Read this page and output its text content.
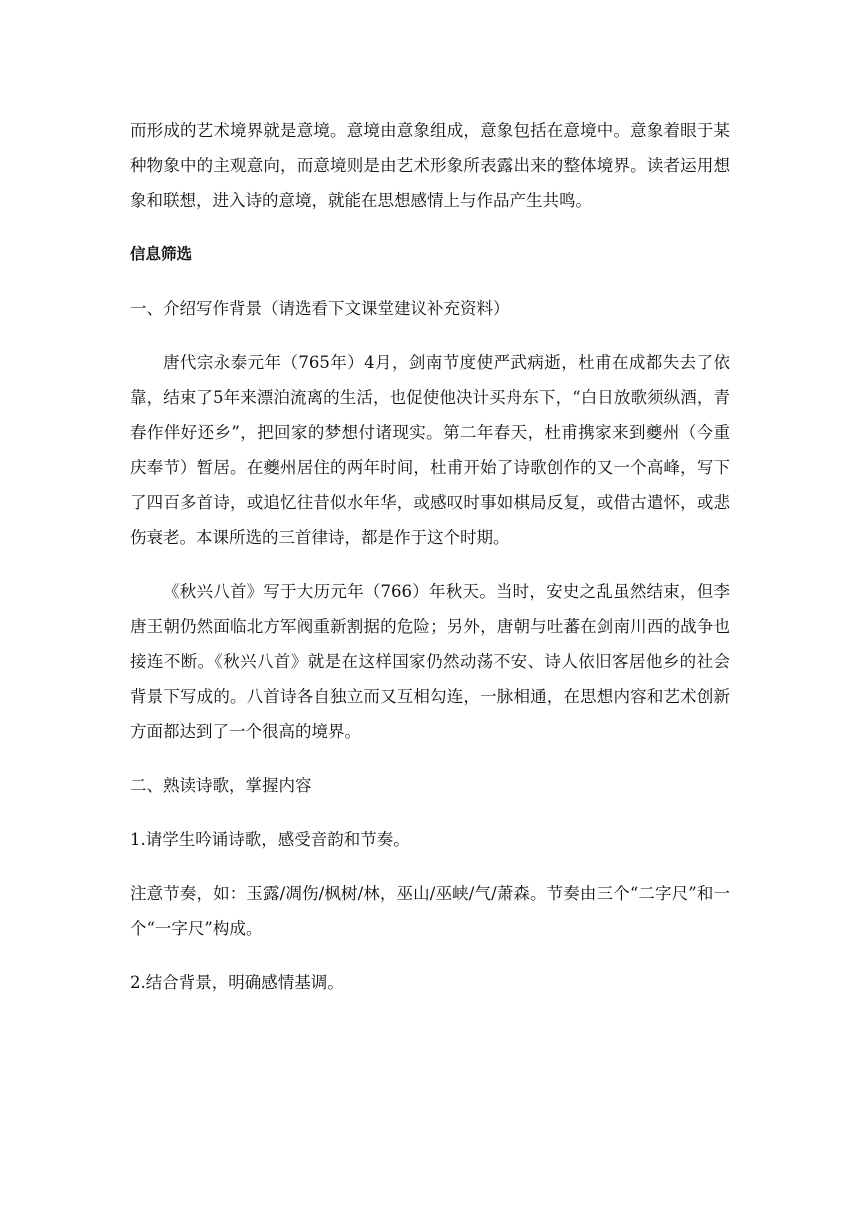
而形成的艺术境界就是意境。意境由意象组成，意象包括在意境中。意象着眼于某种物象中的主观意向，而意境则是由艺术形象所表露出来的整体境界。读者运用想象和联想，进入诗的意境，就能在思想感情上与作品产生共鸣。

信息筛选

一、介绍写作背景（请选看下文课堂建议补充资料）

唐代宗永泰元年（765年）4月，剑南节度使严武病逝，杜甫在成都失去了依靠，结束了5年来漂泊流离的生活，也促使他决计买舟东下，“白日放歌须纵酒，青春作伴好还乡”，把回家的梦想付诸现实。第二年春天，杜甫携家来到夔州（今重庆奉节）暂居。在夔州居住的两年时间，杜甫开始了诗歌创作的又一个高峰，写下了四百多首诗，或追忆往昔似水年华，或感叹时事如棋局反复，或借古遣怀，或悲伤衰老。本课所选的三首律诗，都是作于这个时期。

《秋兴八首》写于大历元年（766）年秋天。当时，安史之乱虽然结束，但李唐王朝仍然面临北方军阀重新割据的危险；另外，唐朝与吐蕃在剑南川西的战争也接连不断。《秋兴八首》就是在这样国家仍然动荡不安、诗人依旧客居他乡的社会背景下写成的。八首诗各自独立而又互相勾连，一脉相通，在思想内容和艺术创新方面都达到了一个很高的境界。

二、熟读诗歌，掌握内容

1.请学生吟诵诗歌，感受音韵和节奏。

注意节奏，如：玉露/凋伤/枫树/林，巫山/巫峡/气/萧森。节奏由三个“二字尺”和一个“一字尺”构成。

2.结合背景，明确感情基调。
